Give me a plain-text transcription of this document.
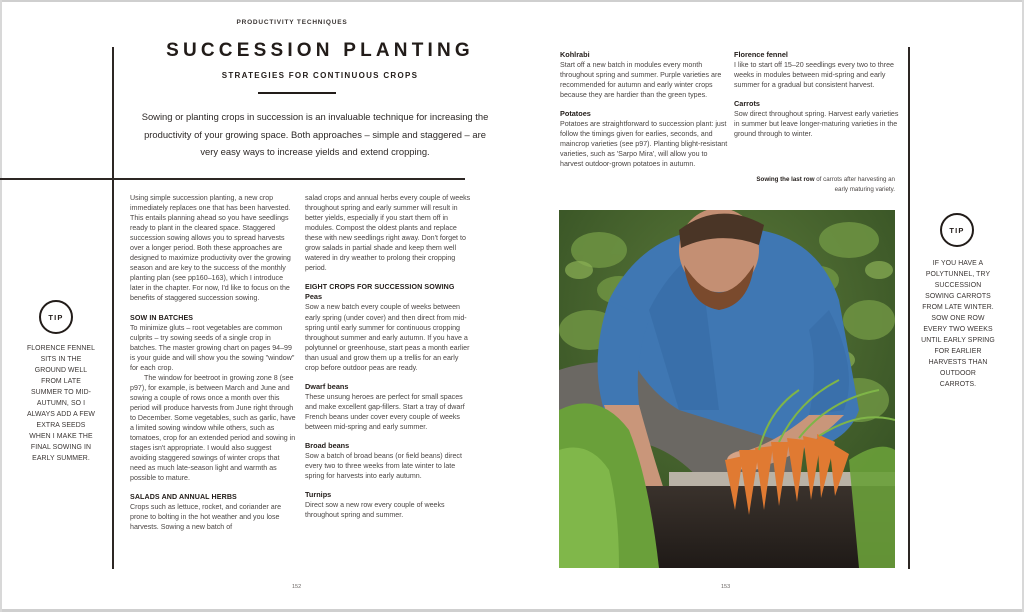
PRODUCTIVITY TECHNIQUES
SUCCESSION PLANTING
STRATEGIES FOR CONTINUOUS CROPS

Sowing or planting crops in succession is an invaluable technique for increasing the productivity of your growing space. Both approaches – simple and staggered – are very easy ways to increase yields and extend cropping.

Using simple succession planting, a new crop immediately replaces one that has been harvested. This entails planning ahead so you have seedlings ready to plant in the cleared space. Staggered succession sowing allows you to spread harvests over a longer period. Both these approaches are designed to maximize productivity over the growing season and are key to the success of the monthly planting plan (see pp160–163), which I introduce later in the chapter. For now, I'd like to focus on the benefits of staggered succession sowing.

SOW IN BATCHES

To minimize gluts – root vegetables are common culprits – try sowing seeds of a single crop in batches. The master growing chart on pages 94–99 is your guide and will show you the sowing "window" for each crop.

The window for beetroot in growing zone 8 (see p97), for example, is between March and June and sowing a couple of rows once a month over this period will produce harvests from June right through to December. Some vegetables, such as garlic, have a limited sowing window while others, such as tomatoes, crop for an extended period and sowing in stages isn't appropriate. I would also suggest avoiding staggered sowings of winter crops that need as much late-season light and warmth as possible to mature.

SALADS AND ANNUAL HERBS

Crops such as lettuce, rocket, and coriander are prone to bolting in the hot weather and you lose harvests. Sowing a new batch of

salad crops and annual herbs every couple of weeks throughout spring and early summer will result in better yields, especially if you start them off in modules. Compost the oldest plants and replace these with new seedlings right away. Don't forget to grow salads in partial shade and keep them well watered in dry weather to prolong their cropping period.

EIGHT CROPS FOR SUCCESSION SOWING
Peas

Sow a new batch every couple of weeks between early spring (under cover) and then direct from mid-spring until early summer for continuous cropping throughout summer and early autumn. If you have a polytunnel or greenhouse, start peas a month earlier than usual and grow them up a trellis for an early crop before outdoor peas are ready.

Dwarf beans

These unsung heroes are perfect for small spaces and make excellent gap-fillers. Start a tray of dwarf French beans under cover every couple of weeks between mid-spring and early summer.

Broad beans

Sow a batch of broad beans (or field beans) direct every two to three weeks from late winter to late spring for harvests into early autumn.

Turnips

Direct sow a new row every couple of weeks throughout spring and summer.

TIP

FLORENCE FENNEL SITS IN THE GROUND WELL FROM LATE SUMMER TO MID-AUTUMN, SO I ALWAYS ADD A FEW EXTRA SEEDS WHEN I MAKE THE FINAL SOWING IN EARLY SUMMER.

152
Kohlrabi

Start off a new batch in modules every month throughout spring and summer. Purple varieties are recommended for autumn and early winter crops because they are hardier than the green types.

Potatoes

Potatoes are straightforward to succession plant: just follow the timings given for earlies, seconds, and maincrop varieties (see p97). Planting blight-resistant varieties, such as 'Sarpo Mira', will allow you to harvest outdoor-grown potatoes in autumn.

Florence fennel

I like to start off 15–20 seedlings every two to three weeks in modules between mid-spring and early summer for a gradual but consistent harvest.

Carrots

Sow direct throughout spring. Harvest early varieties in summer but leave longer-maturing varieties in the ground through to winter.

Sowing the last row of carrots after harvesting an early maturing variety.

TIP

IF YOU HAVE A POLYTUNNEL, TRY SUCCESSION SOWING CARROTS FROM LATE WINTER. SOW ONE ROW EVERY TWO WEEKS UNTIL EARLY SPRING FOR EARLIER HARVESTS THAN OUTDOOR CARROTS.

153
